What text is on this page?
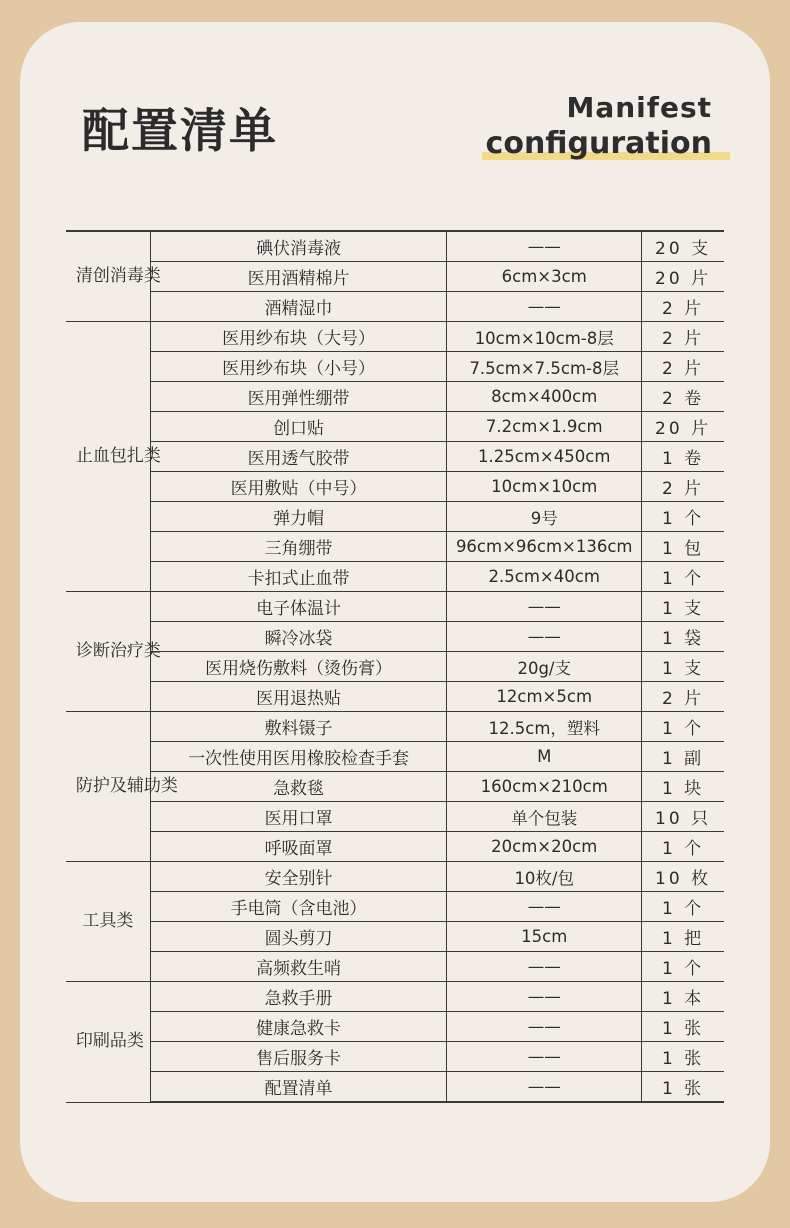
配置清单	Manifest
configuration
清创消毒类	碘伏消毒液	——	20 支
	医用酒精棉片	6cm×3cm	20 片
	酒精湿巾	——	2 片
止血包扎类	医用纱布块（大号）	10cm×10cm-8层	2 片
	医用纱布块（小号）	7.5cm×7.5cm-8层	2 片
	医用弹性绷带	8cm×400cm	2 卷
	创口贴	7.2cm×1.9cm	20 片
	医用透气胶带	1.25cm×450cm	1 卷
	医用敷贴（中号）	10cm×10cm	2 片
	弹力帽	9号	1 个
	三角绷带	96cm×96cm×136cm	1 包
	卡扣式止血带	2.5cm×40cm	1 个
诊断治疗类	电子体温计	——	1 支
	瞬冷冰袋	——	1 袋
	医用烧伤敷料（烫伤膏）	20g/支	1 支
	医用退热贴	12cm×5cm	2 片
防护及辅助类	敷料镊子	12.5cm，塑料	1 个
	一次性使用医用橡胶检查手套	M	1 副
	急救毯	160cm×210cm	1 块
	医用口罩	单个包装	10 只
	呼吸面罩	20cm×20cm	1 个
工具类	安全别针	10枚/包	10 枚
	手电筒（含电池）	——	1 个
	圆头剪刀	15cm	1 把
	高频救生哨	——	1 个
印刷品类	急救手册	——	1 本
	健康急救卡	——	1 张
	售后服务卡	——	1 张
	配置清单	——	1 张
